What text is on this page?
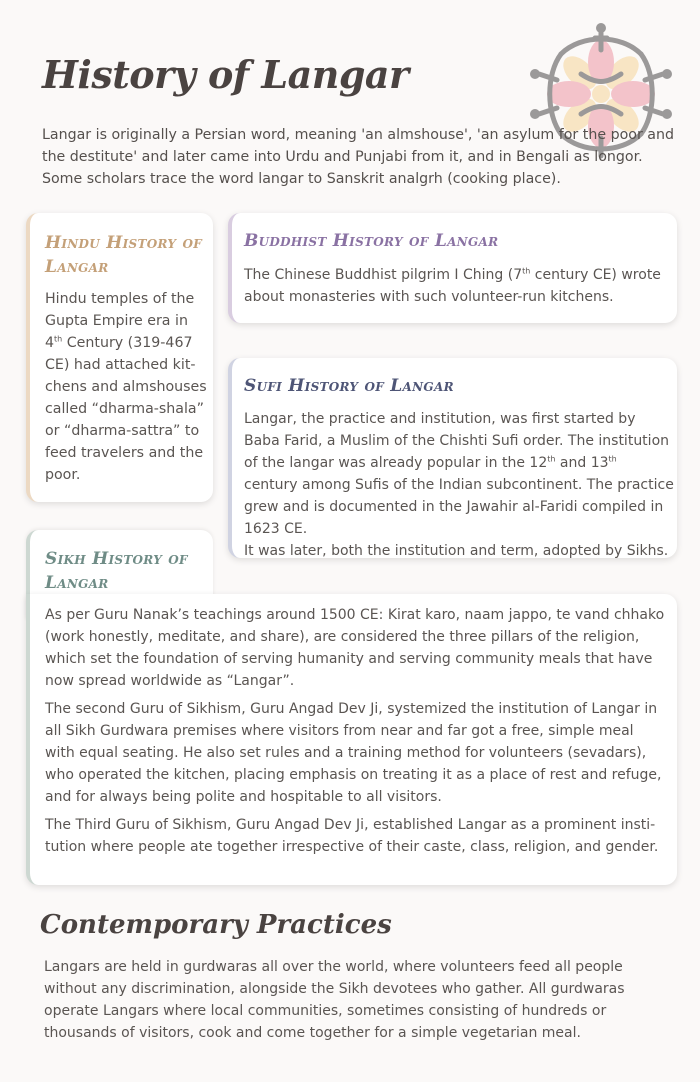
History of Langar

Langar is originally a Persian word, meaning 'an almshouse', 'an asylum for the poor and the destitute' and later came into Urdu and Punjabi from it, and in Bengali as longor. Some scholars trace the word langar to Sanskrit analgrh (cooking place).

Hindu History of Langar

Hindu temples of the Gupta Empire era in 4th Century (319-467 CE) had attached kit-chens and almshouses called “dharma-shala” or “dharma-sattra” to feed travelers and the poor.

Buddhist History of Langar

The Chinese Buddhist pilgrim I Ching (7th century CE) wrote about monasteries with such volunteer-run kitchens.

Sufi History of Langar

Langar, the practice and institution, was first started by Baba Farid, a Muslim of the Chishti Sufi order. The institution of the langar was already popular in the 12th and 13th century among Sufis of the Indian subcontinent. The practice grew and is documented in the Jawahir al-Faridi compiled in 1623 CE.
It was later, both the institution and term, adopted by Sikhs.

Sikh History of Langar

As per Guru Nanak’s teachings around 1500 CE: Kirat karo, naam jappo, te vand chhako (work honestly, meditate, and share), are considered the three pillars of the religion, which set the foundation of serving humanity and serving community meals that have now spread worldwide as “Langar”.

The second Guru of Sikhism, Guru Angad Dev Ji, systemized the institution of Langar in all Sikh Gurdwara premises where visitors from near and far got a free, simple meal with equal seating. He also set rules and a training method for volunteers (sevadars), who operated the kitchen, placing emphasis on treating it as a place of rest and refuge, and for always being polite and hospitable to all visitors.

The Third Guru of Sikhism, Guru Angad Dev Ji, established Langar as a prominent insti-tution where people ate together irrespective of their caste, class, religion, and gender.

Contemporary Practices

Langars are held in gurdwaras all over the world, where volunteers feed all people without any discrimination, alongside the Sikh devotees who gather. All gurdwaras operate Langars where local communities, sometimes consisting of hundreds or thousands of visitors, cook and come together for a simple vegetarian meal.
